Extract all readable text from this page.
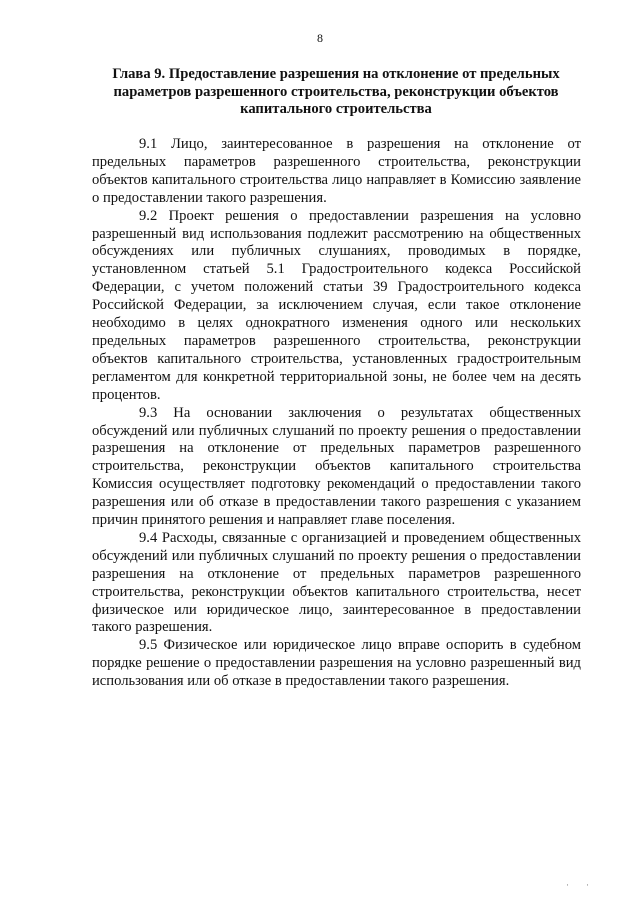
8
Глава 9. Предоставление разрешения на отклонение от предельных параметров разрешенного строительства, реконструкции объектов капитального строительства

9.1 Лицо, заинтересованное в разрешения на отклонение от предельных параметров разрешенного строительства, реконструкции объектов капитального строительства лицо направляет в Комиссию заявление о предоставлении такого разрешения.

9.2 Проект решения о предоставлении разрешения на условно разрешенный вид использования подлежит рассмотрению на общественных обсуждениях или публичных слушаниях, проводимых в порядке, установленном статьей 5.1 Градостроительного кодекса Российской Федерации, с учетом положений статьи 39 Градостроительного кодекса Российской Федерации, за исключением случая, если такое отклонение необходимо в целях однократного изменения одного или нескольких предельных параметров разрешенного строительства, реконструкции объектов капитального строительства, установленных градостроительным регламентом для конкретной территориальной зоны, не более чем на десять процентов.

9.3 На основании заключения о результатах общественных обсуждений или публичных слушаний по проекту решения о предоставлении разрешения на отклонение от предельных параметров разрешенного строительства, реконструкции объектов капитального строительства Комиссия осуществляет подготовку рекомендаций о предоставлении такого разрешения или об отказе в предоставлении такого разрешения с указанием причин принятого решения и направляет главе поселения.

9.4 Расходы, связанные с организацией и проведением общественных обсуждений или публичных слушаний по проекту решения о предоставлении разрешения на отклонение от предельных параметров разрешенного строительства, реконструкции объектов капитального строительства, несет физическое или юридическое лицо, заинтересованное в предоставлении такого разрешения.

9.5 Физическое или юридическое лицо вправе оспорить в судебном порядке решение о предоставлении разрешения на условно разрешенный вид использования или об отказе в предоставлении такого разрешения.

· ·
